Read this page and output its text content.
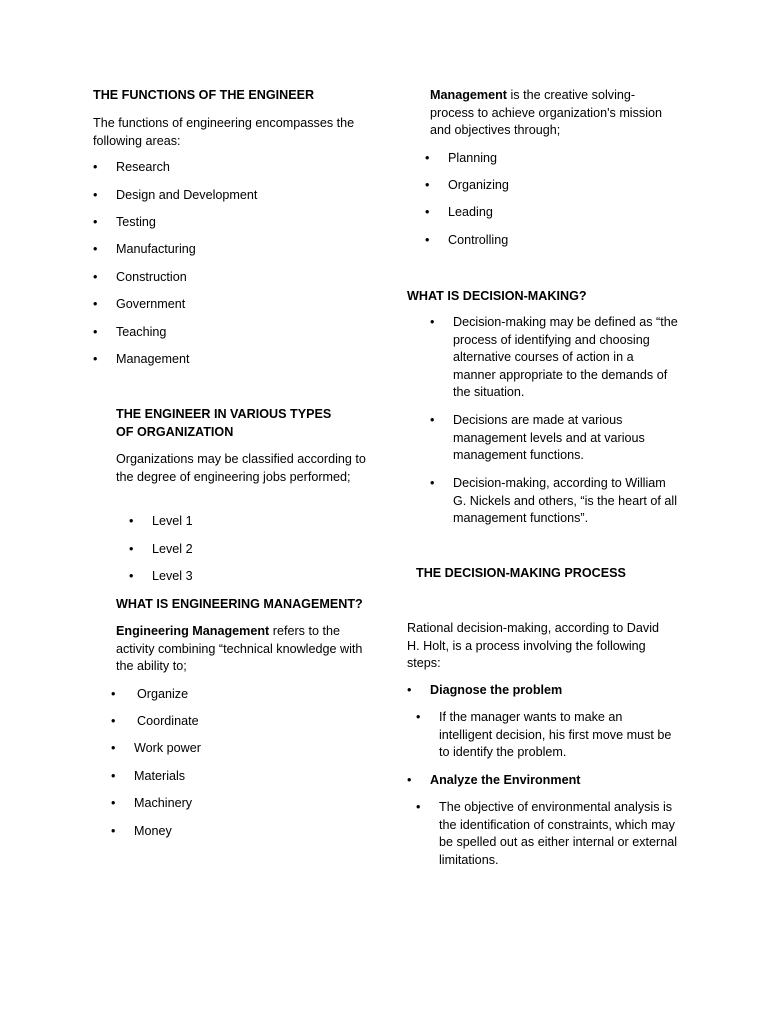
THE FUNCTIONS OF THE ENGINEER

The functions of engineering encompasses the following areas:

• Research
• Design and Development
• Testing
• Manufacturing
• Construction
• Government
• Teaching
• Management

THE ENGINEER IN VARIOUS TYPES OF ORGANIZATION

Organizations may be classified according to the degree of engineering jobs performed;

• Level 1
• Level 2
• Level 3
WHAT IS ENGINEERING MANAGEMENT?

Engineering Management refers to the activity combining “technical knowledge with the ability to;

• Organize
• Coordinate
• Work power
• Materials
• Machinery
• Money

Management is the creative solving-process to achieve organization's mission and objectives through;

• Planning
• Organizing
• Leading
• Controlling
WHAT IS DECISION-MAKING?
• Decision-making may be defined as “the process of identifying and choosing alternative courses of action in a manner appropriate to the demands of the situation.

• Decisions are made at various management levels and at various management functions.

• Decision-making, according to William G. Nickels and others, “is the heart of all management functions”.

THE DECISION-MAKING PROCESS

Rational decision-making, according to David H. Holt, is a process involving the following steps:

• Diagnose the problem
• If the manager wants to make an intelligent decision, his first move must be to identify the problem.

• Analyze the Environment
• The objective of environmental analysis is the identification of constraints, which may be spelled out as either internal or external limitations.
